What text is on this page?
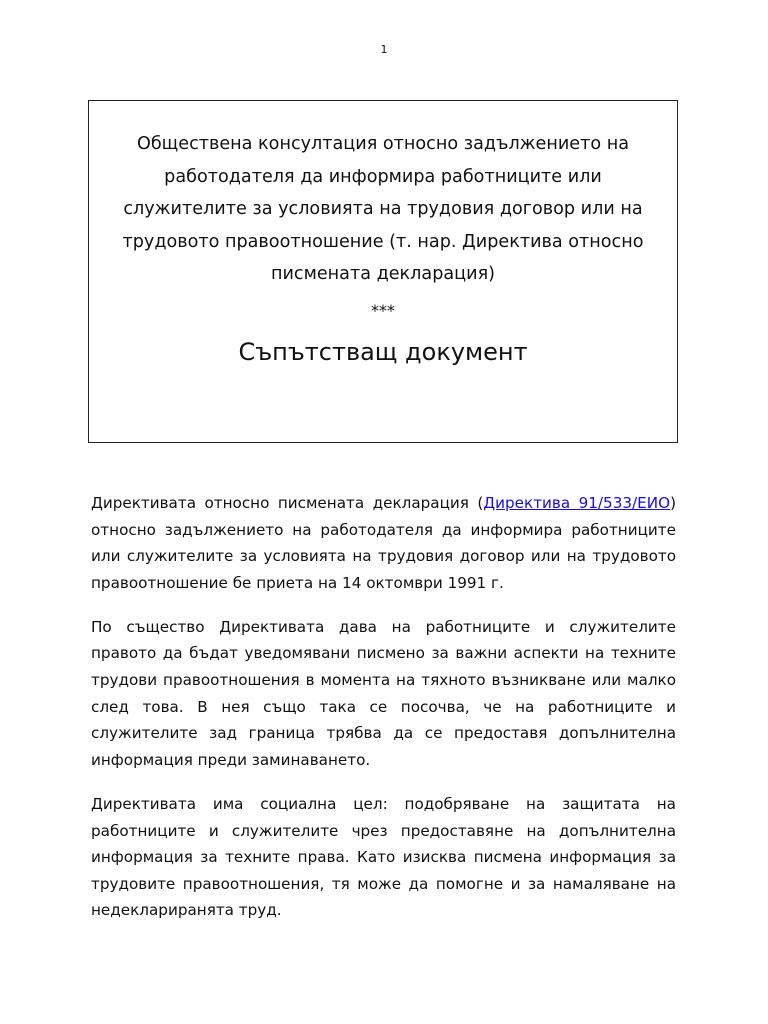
1
Обществена консултация относно задължението на работодателя да информира работниците или служителите за условията на трудовия договор или на трудовото правоотношение (т. нар. Директива относно писмената декларация)
***
Съпътстващ документ

Директивата относно писмената декларация (Директива 91/533/ЕИО) относно задължението на работодателя да информира работниците или служителите за условията на трудовия договор или на трудовото правоотношение бе приета на 14 октомври 1991 г.

По същество Директивата дава на работниците и служителите правото да бъдат уведомявани писмено за важни аспекти на техните трудови правоотношения в момента на тяхното възникване или малко след това. В нея също така се посочва, че на работниците и служителите зад граница трябва да се предоставя допълнителна информация преди заминаването.

Директивата има социална цел: подобряване на защитата на работниците и служителите чрез предоставяне на допълнителна информация за техните права. Като изисква писмена информация за трудовите правоотношения, тя може да помогне и за намаляване на недеклариранята труд.
